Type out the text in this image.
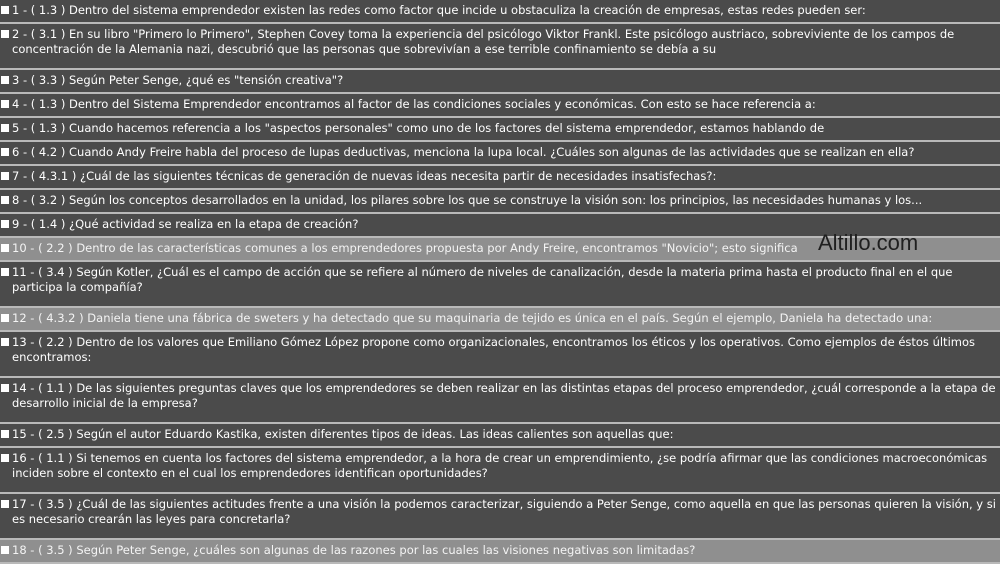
1 - ( 1.3 ) Dentro del sistema emprendedor existen las redes como factor que incide u obstaculiza la creación de empresas, estas redes pueden ser:
2 - ( 3.1 ) En su libro "Primero lo Primero", Stephen Covey toma la experiencia del psicólogo Viktor Frankl. Este psicólogo austriaco, sobreviviente de los campos de concentración de la Alemania nazi, descubrió que las personas que sobrevivían a ese terrible confinamiento se debía a su
3 - ( 3.3 ) Según Peter Senge, ¿qué es "tensión creativa"?
4 - ( 1.3 ) Dentro del Sistema Emprendedor encontramos al factor de las condiciones sociales y económicas. Con esto se hace referencia a:
5 - ( 1.3 ) Cuando hacemos referencia a los "aspectos personales" como uno de los factores del sistema emprendedor, estamos hablando de
6 - ( 4.2 ) Cuando Andy Freire habla del proceso de lupas deductivas, menciona la lupa local. ¿Cuáles son algunas de las actividades que se realizan en ella?
7 - ( 4.3.1 ) ¿Cuál de las siguientes técnicas de generación de nuevas ideas necesita partir de necesidades insatisfechas?:
8 - ( 3.2 ) Según los conceptos desarrollados en la unidad, los pilares sobre los que se construye la visión son: los principios, las necesidades humanas y los...
9 - ( 1.4 ) ¿Qué actividad se realiza en la etapa de creación?
10 - ( 2.2 ) Dentro de las características comunes a los emprendedores propuesta por Andy Freire, encontramos "Novicio"; esto significa
11 - ( 3.4 ) Según Kotler, ¿Cuál es el campo de acción que se refiere al número de niveles de canalización, desde la materia prima hasta el producto final en el que participa la compañía?
12 - ( 4.3.2 ) Daniela tiene una fábrica de sweters y ha detectado que su maquinaria de tejido es única en el país. Según el ejemplo, Daniela ha detectado una:
13 - ( 2.2 ) Dentro de los valores que Emiliano Gómez López propone como organizacionales, encontramos los éticos y los operativos. Como ejemplos de éstos últimos encontramos:
14 - ( 1.1 ) De las siguientes preguntas claves que los emprendedores se deben realizar en las distintas etapas del proceso emprendedor, ¿cuál corresponde a la etapa de desarrollo inicial de la empresa?
15 - ( 2.5 ) Según el autor Eduardo Kastika, existen diferentes tipos de ideas. Las ideas calientes son aquellas que:
16 - ( 1.1 ) Si tenemos en cuenta los factores del sistema emprendedor, a la hora de crear un emprendimiento, ¿se podría afirmar que las condiciones macroeconómicas inciden sobre el contexto en el cual los emprendedores identifican oportunidades?
17 - ( 3.5 ) ¿Cuál de las siguientes actitudes frente a una visión la podemos caracterizar, siguiendo a Peter Senge, como aquella en que las personas quieren la visión, y si es necesario crearán las leyes para concretarla?
18 - ( 3.5 ) Según Peter Senge, ¿cuáles son algunas de las razones por las cuales las visiones negativas son limitadas?
Altillo.com
